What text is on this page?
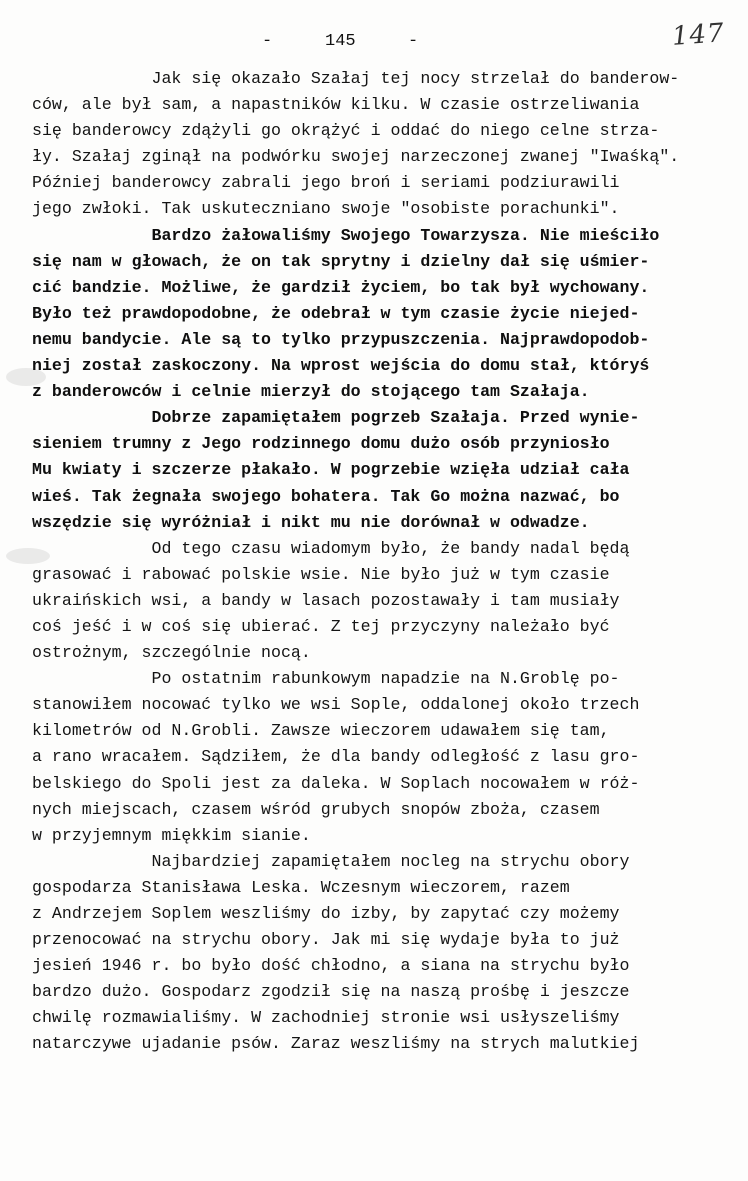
-	145	-	147
Jak się okazało Szałaj tej nocy strzelał do banderow-
ców, ale był sam, a napastników kilku. W czasie ostrzeliwania
się banderowcy zdążyli go okrążyć i oddać do niego celne strza-
ły. Szałaj zginął na podwórku swojej narzeczonej zwanej "Iwaśką".
Później banderowcy zabrali jego broń i seriami podziurawili
jego zwłoki. Tak uskuteczniano swoje "osobiste porachunki".
Bardzo żałowaliśmy Swojego Towarzysza. Nie mieściło
się nam w głowach, że on tak sprytny i dzielny dał się uśmier-
cić bandzie. Możliwe, że gardził życiem, bo tak był wychowany.
Było też prawdopodobne, że odebrał w tym czasie życie niejed-
nemu bandycie. Ale są to tylko przypuszczenia. Najprawdopodob-
niej został zaskoczony. Na wprost wejścia do domu stał, któryś
z banderowców i celnie mierzył do stojącego tam Szałaja.
Dobrze zapamiętałem pogrzeb Szałaja. Przed wynie-
sieniem trumny z Jego rodzinnego domu dużo osób przyniosło
Mu kwiaty i szczerze płakało. W pogrzebie wzięła udział cała
wieś. Tak żegnała swojego bohatera. Tak Go można nazwać, bo
wszędzie się wyróżniał i nikt mu nie dorównał w odwadze.
Od tego czasu wiadomym było, że bandy nadal będą
grasować i rabować polskie wsie. Nie było już w tym czasie
ukraińskich wsi, a bandy w lasach pozostawały i tam musiały
coś jeść i w coś się ubierać. Z tej przyczyny należało być
ostrożnym, szczególnie nocą.
Po ostatnim rabunkowym napadzie na N.Groblę po-
stanowiłem nocować tylko we wsi Sople, oddalonej około trzech
kilometrów od N.Grobli. Zawsze wieczorem udawałem się tam,
a rano wracałem. Sądziłem, że dla bandy odległość z lasu gro-
belskiego do Spoli jest za daleka. W Soplach nocowałem w róż-
nych miejscach, czasem wśród grubych snopów zboża, czasem
w przyjemnym miękkim sianie.
Najbardziej zapamiętałem nocleg na strychu obory
gospodarza Stanisława Leska. Wczesnym wieczorem, razem
z Andrzejem Soplem weszliśmy do izby, by zapytać czy możemy
przenocować na strychu obory. Jak mi się wydaje była to już
jesień 1946 r. bo było dość chłodno, a siana na strychu było
bardzo dużo. Gospodarz zgodził się na naszą prośbę i jeszcze
chwilę rozmawialiśmy. W zachodniej stronie wsi usłyszeliśmy
natarczywe ujadanie psów. Zaraz weszliśmy na strych malutkiej
